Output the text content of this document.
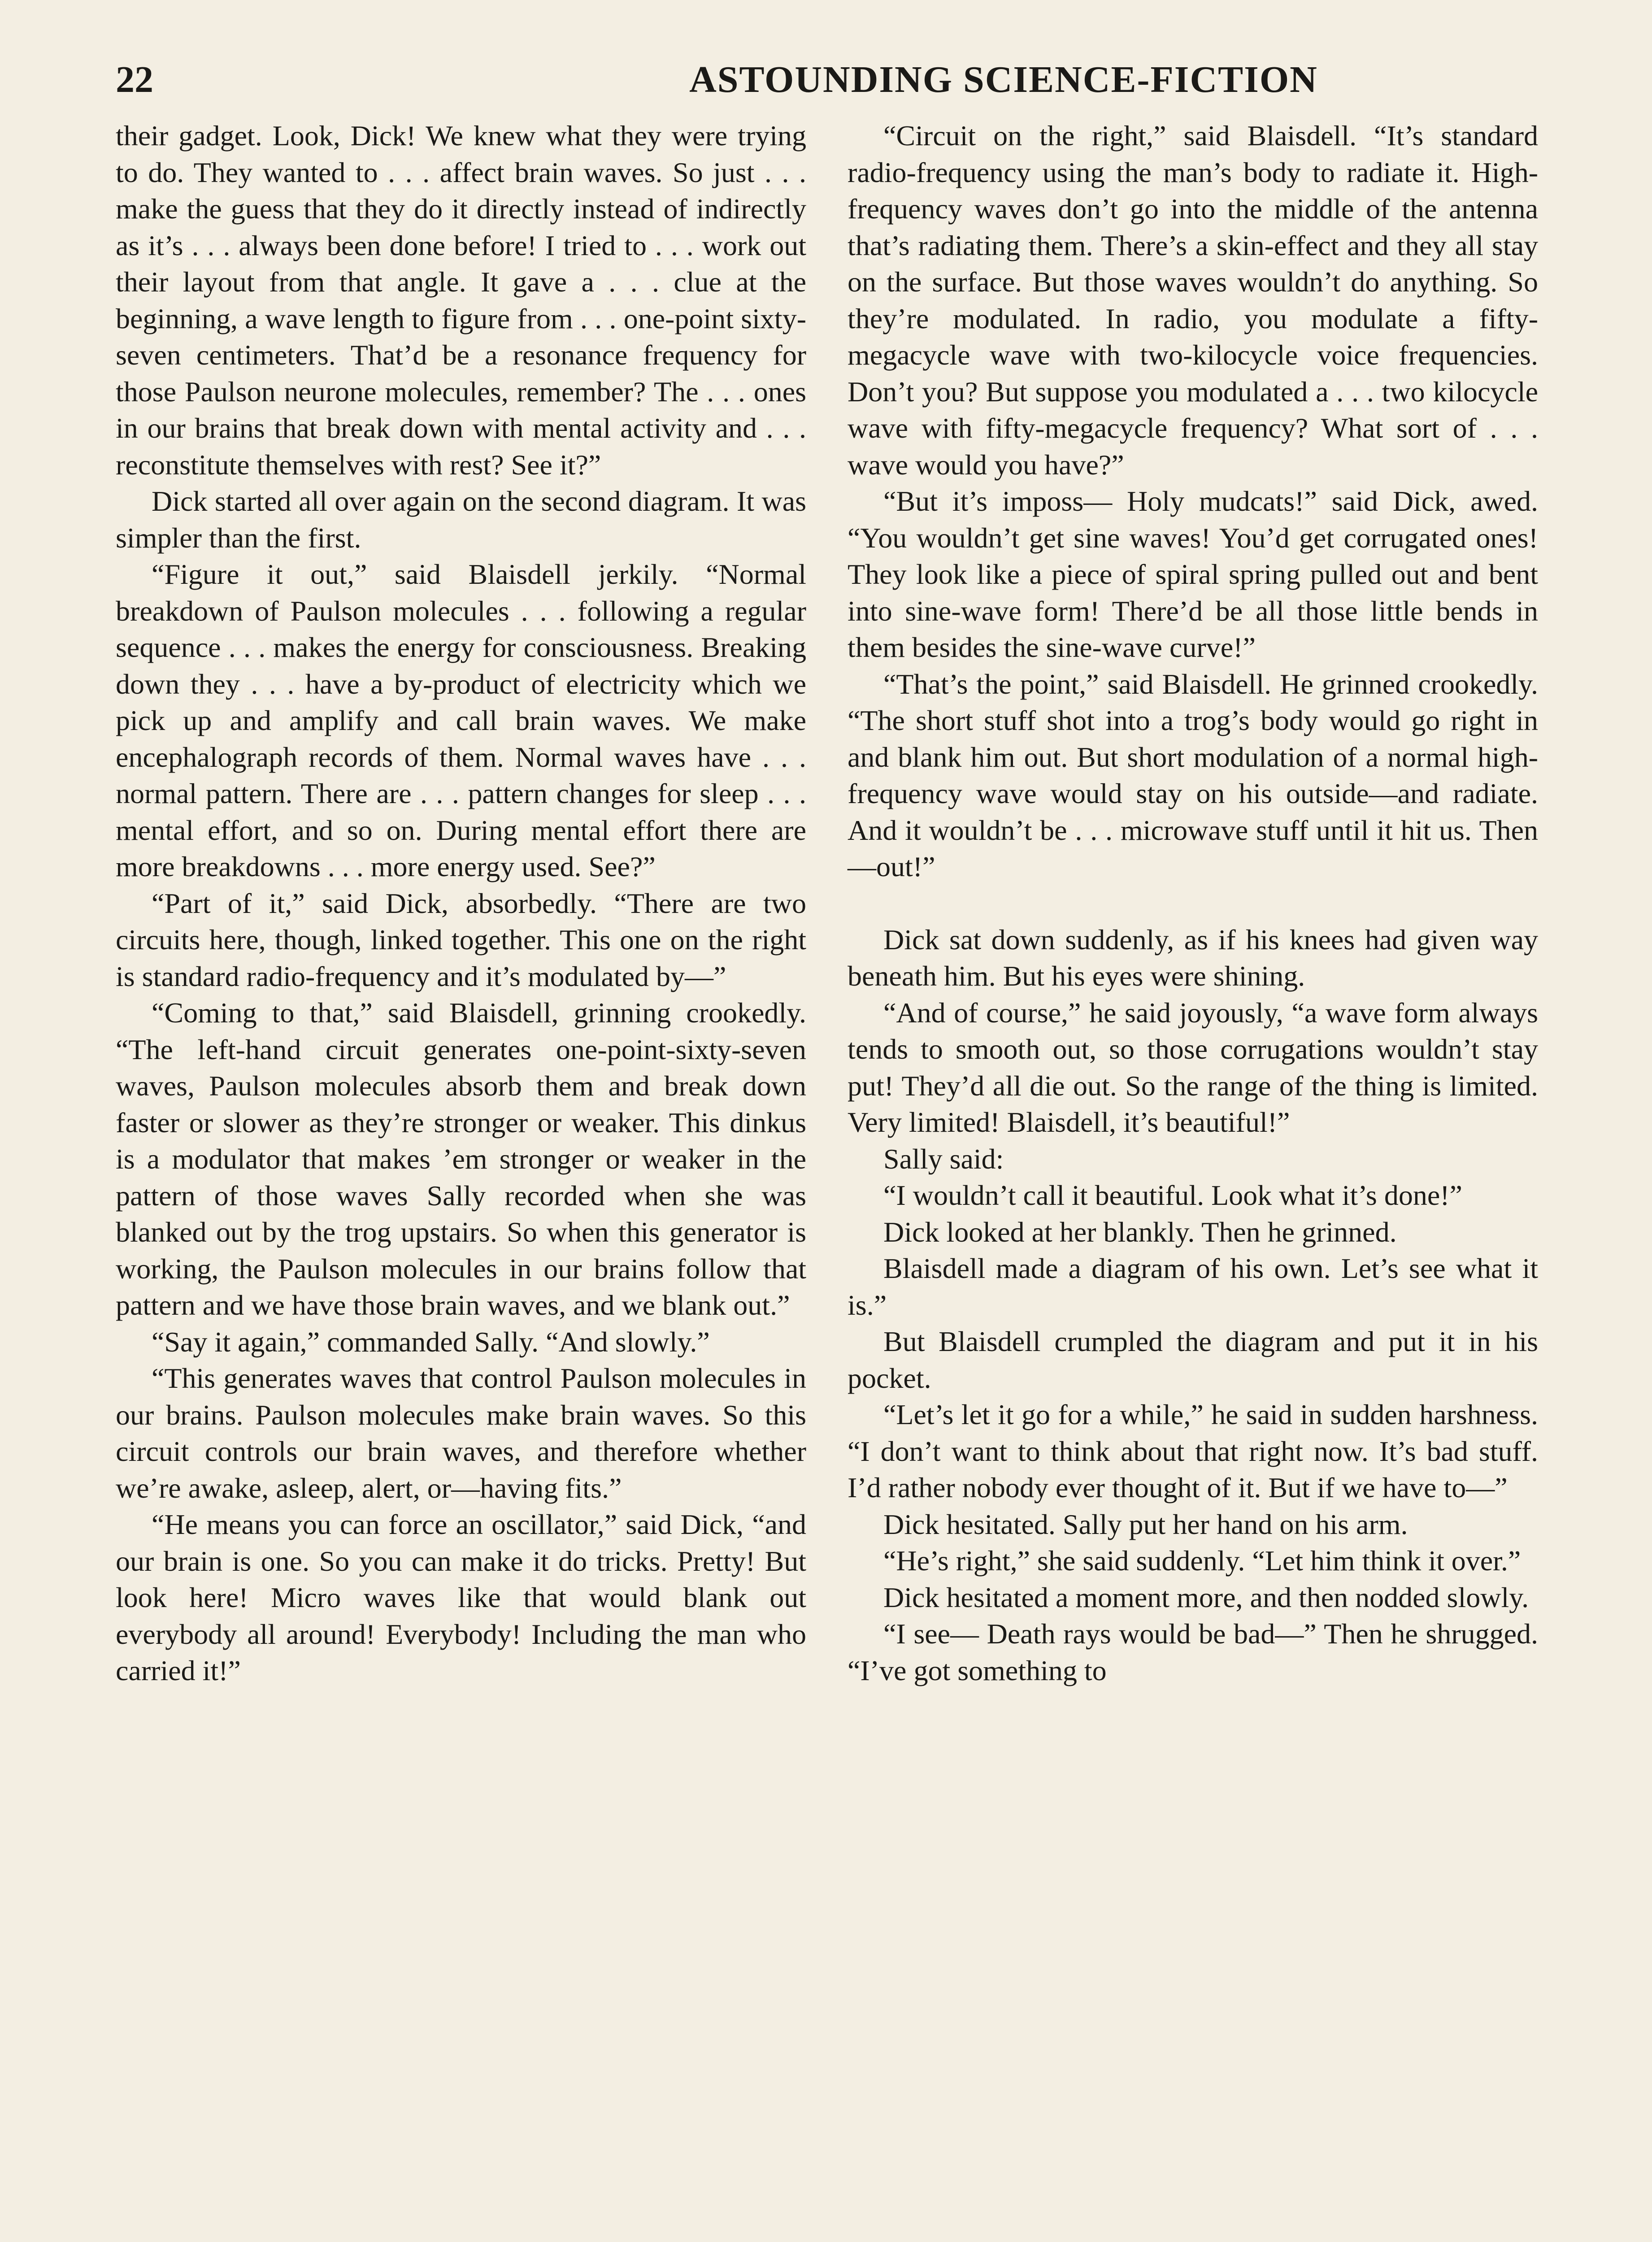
22	ASTOUNDING SCIENCE-FICTION

their gadget. Look, Dick! We knew what they were trying to do. They wanted to . . . affect brain waves. So just . . . make the guess that they do it directly instead of indirectly as it’s . . . always been done before! I tried to . . . work out their layout from that angle. It gave a . . . clue at the beginning, a wave length to figure from . . . one-point sixty-seven centimeters. That’d be a resonance frequency for those Paulson neurone molecules, remember? The . . . ones in our brains that break down with mental activity and . . . reconstitute themselves with rest? See it?”

Dick started all over again on the second diagram. It was simpler than the first.

“Figure it out,” said Blaisdell jerkily. “Normal breakdown of Paulson molecules . . . following a regular sequence . . . makes the energy for consciousness. Breaking down they . . . have a by-product of electricity which we pick up and amplify and call brain waves. We make encephalograph records of them. Normal waves have . . . normal pattern. There are . . . pattern changes for sleep . . . mental effort, and so on. During mental effort there are more breakdowns . . . more energy used. See?”

“Part of it,” said Dick, absorbedly. “There are two circuits here, though, linked together. This one on the right is standard radio-frequency and it’s modulated by—”

“Coming to that,” said Blaisdell, grinning crookedly. “The left-hand circuit generates one-point-sixty-seven waves, Paulson molecules absorb them and break down faster or slower as they’re stronger or weaker. This dinkus is a modulator that makes ’em stronger or weaker in the pattern of those waves Sally recorded when she was blanked out by the trog upstairs. So when this generator is working, the Paulson molecules in our brains follow that pattern and we have those brain waves, and we blank out.”

“Say it again,” commanded Sally. “And slowly.”

“This generates waves that control Paulson molecules in our brains. Paulson molecules make brain waves. So this circuit controls our brain waves, and therefore whether we’re awake, asleep, alert, or—having fits.”

“He means you can force an oscillator,” said Dick, “and our brain is one. So you can make it do tricks. Pretty! But look here! Micro waves like that would blank out everybody all around! Everybody! Including the man who carried it!”

“Circuit on the right,” said Blaisdell. “It’s standard radio-frequency using the man’s body to radiate it. High-frequency waves don’t go into the middle of the antenna that’s radiating them. There’s a skin-effect and they all stay on the surface. But those waves wouldn’t do anything. So they’re modulated. In radio, you modulate a fifty-megacycle wave with two-kilocycle voice frequencies. Don’t you? But suppose you modulated a . . . two kilocycle wave with fifty-megacycle frequency? What sort of . . . wave would you have?”

“But it’s imposs— Holy mudcats!” said Dick, awed. “You wouldn’t get sine waves! You’d get corrugated ones! They look like a piece of spiral spring pulled out and bent into sine-wave form! There’d be all those little bends in them besides the sine-wave curve!”

“That’s the point,” said Blaisdell. He grinned crookedly. “The short stuff shot into a trog’s body would go right in and blank him out. But short modulation of a normal high-frequency wave would stay on his outside—and radiate. And it wouldn’t be . . . microwave stuff until it hit us. Then—out!”

Dick sat down suddenly, as if his knees had given way beneath him. But his eyes were shining.

“And of course,” he said joyously, “a wave form always tends to smooth out, so those corrugations wouldn’t stay put! They’d all die out. So the range of the thing is limited. Very limited! Blaisdell, it’s beautiful!”

Sally said:

“I wouldn’t call it beautiful. Look what it’s done!”

Dick looked at her blankly. Then he grinned.

Blaisdell made a diagram of his own. Let’s see what it is.”

But Blaisdell crumpled the diagram and put it in his pocket.

“Let’s let it go for a while,” he said in sudden harshness. “I don’t want to think about that right now. It’s bad stuff. I’d rather nobody ever thought of it. But if we have to—”

Dick hesitated. Sally put her hand on his arm.

“He’s right,” she said suddenly. “Let him think it over.”

Dick hesitated a moment more, and then nodded slowly.

“I see— Death rays would be bad—” Then he shrugged. “I’ve got something to
